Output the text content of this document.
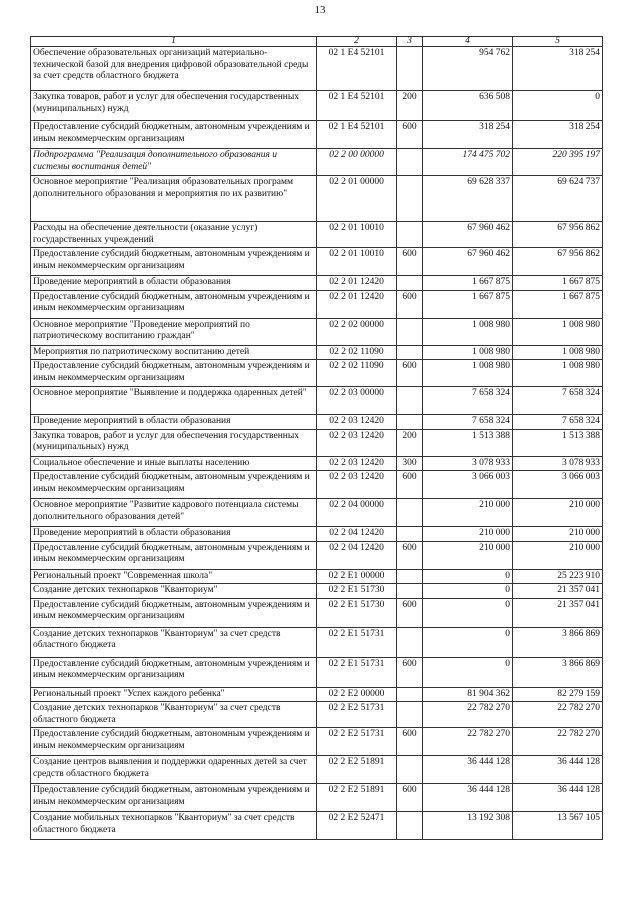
13
1	2	3	4	5
Обеспечение образовательных организаций материально-технической базой для внедрения цифровой образовательной среды за счет средств областного бюджета	02 1 E4 52101		954 762	318 254
Закупка товаров, работ и услуг для обеспечения государственных (муниципальных) нужд	02 1 E4 52101	200	636 508	0
Предоставление субсидий бюджетным, автономным учреждениям и иным некоммерческим организациям	02 1 E4 52101	600	318 254	318 254
Подпрограмма "Реализация дополнительного образования и системы воспитания детей"	02 2 00 00000		174 475 702	220 395 197
Основное мероприятие "Реализация образовательных программ дополнительного образования и мероприятия по их развитию"	02 2 01 00000		69 628 337	69 624 737
Расходы на обеспечение деятельности (оказание услуг) государственных учреждений	02 2 01 10010		67 960 462	67 956 862
Предоставление субсидий бюджетным, автономным учреждениям и иным некоммерческим организациям	02 2 01 10010	600	67 960 462	67 956 862
Проведение мероприятий в области образования	02 2 01 12420		1 667 875	1 667 875
Предоставление субсидий бюджетным, автономным учреждениям и иным некоммерческим организациям	02 2 01 12420	600	1 667 875	1 667 875
Основное мероприятие "Проведение мероприятий по патриотическому воспитанию граждан"	02 2 02 00000		1 008 980	1 008 980
Мероприятия по патриотическому воспитанию детей	02 2 02 11090		1 008 980	1 008 980
Предоставление субсидий бюджетным, автономным учреждениям и иным некоммерческим организациям	02 2 02 11090	600	1 008 980	1 008 980
Основное мероприятие "Выявление и поддержка одаренных детей"	02 2 03 00000		7 658 324	7 658 324
Проведение мероприятий в области образования	02 2 03 12420		7 658 324	7 658 324
Закупка товаров, работ и услуг для обеспечения государственных (муниципальных) нужд	02 2 03 12420	200	1 513 388	1 513 388
Социальное обеспечение и иные выплаты населению	02 2 03 12420	300	3 078 933	3 078 933
Предоставление субсидий бюджетным, автономным учреждениям и иным некоммерческим организациям	02 2 03 12420	600	3 066 003	3 066 003
Основное мероприятие "Развитие кадрового потенциала системы дополнительного образования детей"	02 2 04 00000		210 000	210 000
Проведение мероприятий в области образования	02 2 04 12420		210 000	210 000
Предоставление субсидий бюджетным, автономным учреждениям и иным некоммерческим организациям	02 2 04 12420	600	210 000	210 000
Региональный проект "Современная школа"	02 2 E1 00000		0	25 223 910
Создание детских технопарков "Кванториум"	02 2 E1 51730		0	21 357 041
Предоставление субсидий бюджетным, автономным учреждениям и иным некоммерческим организациям	02 2 E1 51730	600	0	21 357 041
Создание детских технопарков "Кванториум" за счет средств областного бюджета	02 2 E1 51731		0	3 866 869
Предоставление субсидий бюджетным, автономным учреждениям и иным некоммерческим организациям	02 2 E1 51731	600	0	3 866 869
Региональный проект "Успех каждого ребенка"	02 2 E2 00000		81 904 362	82 279 159
Создание детских технопарков "Кванториум" за счет средств областного бюджета	02 2 E2 51731		22 782 270	22 782 270
Предоставление субсидий бюджетным, автономным учреждениям и иным некоммерческим организациям	02 2 E2 51731	600	22 782 270	22 782 270
Создание центров выявления и поддержки одаренных детей за счет средств областного бюджета	02 2 E2 51891		36 444 128	36 444 128
Предоставление субсидий бюджетным, автономным учреждениям и иным некоммерческим организациям	02 2 E2 51891	600	36 444 128	36 444 128
Создание мобильных технопарков "Кванториум" за счет средств областного бюджета	02 2 E2 52471		13 192 308	13 567 105
